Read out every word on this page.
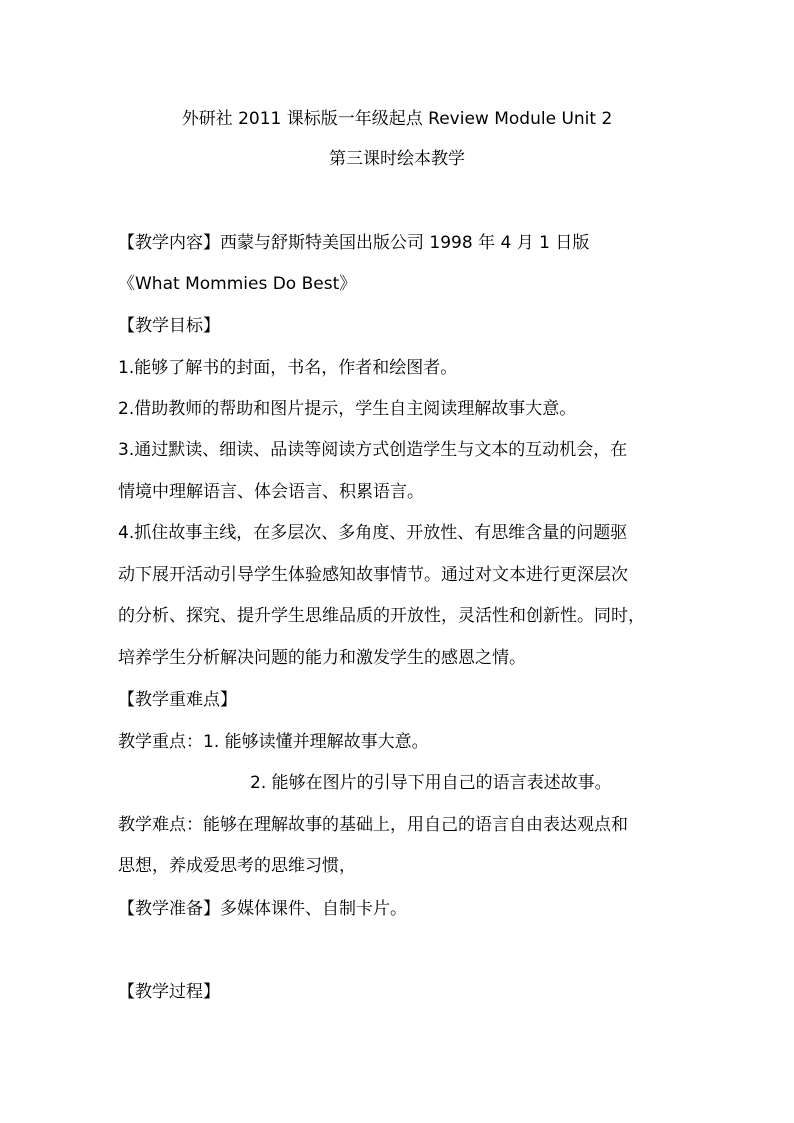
外研社 2011 课标版一年级起点 Review Module Unit 2
第三课时绘本教学
【教学内容】西蒙与舒斯特美国出版公司 1998 年 4 月 1 日版
《What Mommies Do Best》
【教学目标】
1.能够了解书的封面，书名，作者和绘图者。
2.借助教师的帮助和图片提示，学生自主阅读理解故事大意。
3.通过默读、细读、品读等阅读方式创造学生与文本的互动机会，在
情境中理解语言、体会语言、积累语言。
4.抓住故事主线，在多层次、多角度、开放性、有思维含量的问题驱
动下展开活动引导学生体验感知故事情节。通过对文本进行更深层次
的分析、探究、提升学生思维品质的开放性，灵活性和创新性。同时，
培养学生分析解决问题的能力和激发学生的感恩之情。
【教学重难点】
教学重点：1. 能够读懂并理解故事大意。
2. 能够在图片的引导下用自己的语言表述故事。
教学难点：能够在理解故事的基础上，用自己的语言自由表达观点和
思想，养成爱思考的思维习惯，
【教学准备】多媒体课件、自制卡片。
【教学过程】
